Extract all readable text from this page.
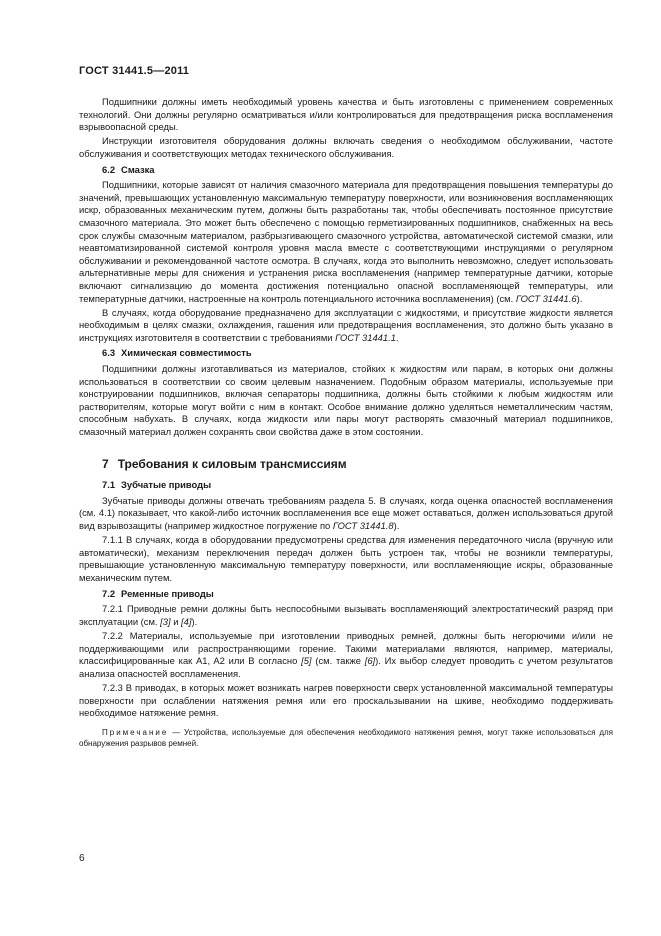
ГОСТ 31441.5—2011

Подшипники должны иметь необходимый уровень качества и быть изготовлены с применением современных технологий. Они должны регулярно осматриваться и/или контролироваться для предотвращения риска воспламенения взрывоопасной среды.

Инструкции изготовителя оборудования должны включать сведения о необходимом обслуживании, частоте обслуживания и соответствующих методах технического обслуживания.

6.2 Смазка

Подшипники, которые зависят от наличия смазочного материала для предотвращения повышения температуры до значений, превышающих установленную максимальную температуру поверхности, или возникновения воспламеняющих искр, образованных механическим путем, должны быть разработаны так, чтобы обеспечивать постоянное присутствие смазочного материала. Это может быть обеспечено с помощью герметизированных подшипников, снабженных на весь срок службы смазочным материалом, разбрызгивающего смазочного устройства, автоматической системой смазки, или неавтоматизированной системой контроля уровня масла вместе с соответствующими инструкциями о регулярном обслуживании и рекомендованной частоте осмотра. В случаях, когда это выполнить невозможно, следует использовать альтернативные меры для снижения и устранения риска воспламенения (например температурные датчики, которые включают сигнализацию до момента достижения потенциально опасной воспламеняющей температуры, или температурные датчики, настроенные на контроль потенциального источника воспламенения) (см. ГОСТ 31441.6).

В случаях, когда оборудование предназначено для эксплуатации с жидкостями, и присутствие жидкости является необходимым в целях смазки, охлаждения, гашения или предотвращения воспламенения, это должно быть указано в инструкциях изготовителя в соответствии с требованиями ГОСТ 31441.1.

6.3 Химическая совместимость

Подшипники должны изготавливаться из материалов, стойких к жидкостям или парам, в которых они должны использоваться в соответствии со своим целевым назначением. Подобным образом материалы, используемые при конструировании подшипников, включая сепараторы подшипника, должны быть стойкими к любым жидкостям или растворителям, которые могут войти с ним в контакт. Особое внимание должно уделяться неметаллическим частям, способным набухать. В случаях, когда жидкости или пары могут растворять смазочный материал подшипников, смазочный материал должен сохранять свои свойства даже в этом состоянии.

7 Требования к силовым трансмиссиям
7.1 Зубчатые приводы

Зубчатые приводы должны отвечать требованиям раздела 5. В случаях, когда оценка опасностей воспламенения (см. 4.1) показывает, что какой-либо источник воспламенения все еще может оставаться, должен использоваться другой вид взрывозащиты (например жидкостное погружение по ГОСТ 31441.8).

7.1.1 В случаях, когда в оборудовании предусмотрены средства для изменения передаточного числа (вручную или автоматически), механизм переключения передач должен быть устроен так, чтобы не возникли температуры, превышающие установленную максимальную температуру поверхности, или воспламеняющие искры, образованные механическим путем.

7.2 Ременные приводы

7.2.1 Приводные ремни должны быть неспособными вызывать воспламеняющий электростатический разряд при эксплуатации (см. [3] и [4]).

7.2.2 Материалы, используемые при изготовлении приводных ремней, должны быть негорючими и/или не поддерживающими или распространяющими горение. Такими материалами являются, например, материалы, классифицированные как A1, A2 или B согласно [5] (см. также [6]). Их выбор следует проводить с учетом результатов анализа опасностей воспламенения.

7.2.3 В приводах, в которых может возникать нагрев поверхности сверх установленной максимальной температуры поверхности при ослаблении натяжения ремня или его проскальзывании на шкиве, необходимо поддерживать необходимое натяжение ремня.

Примечание — Устройства, используемые для обеспечения необходимого натяжения ремня, могут также использоваться для обнаружения разрывов ремней.
6
